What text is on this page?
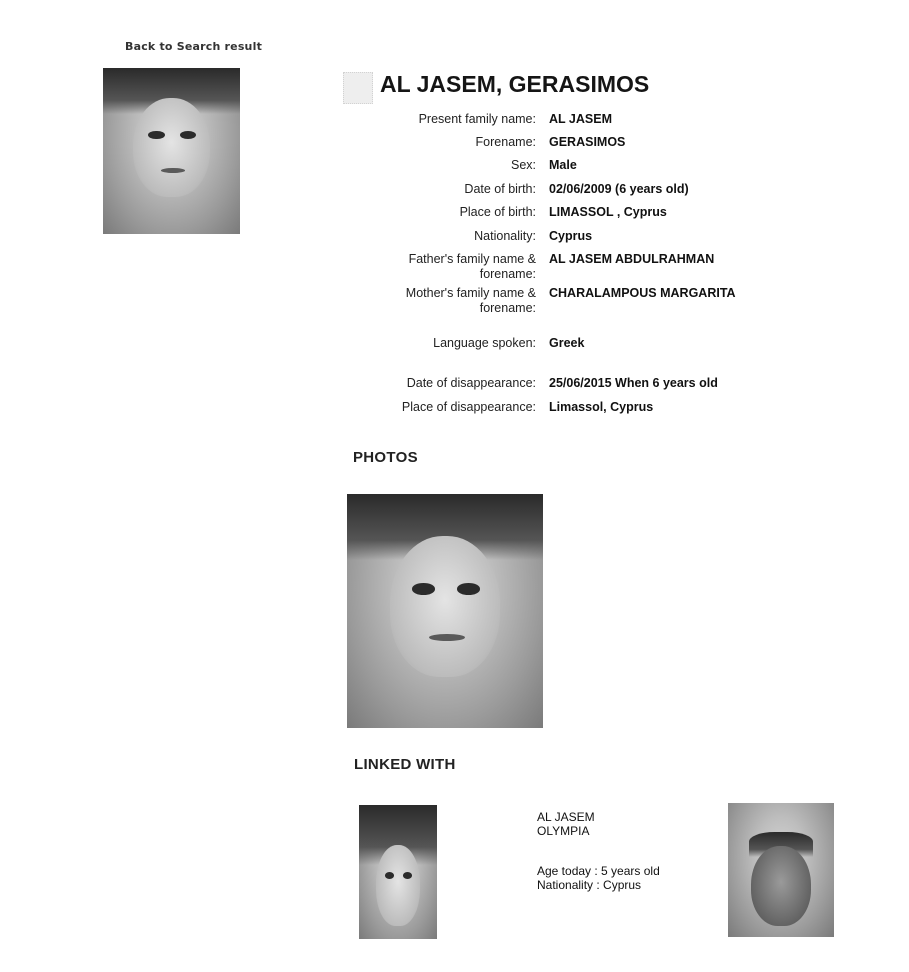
Back to Search result
AL JASEM, GERASIMOS
Present family name: AL JASEM
Forename: GERASIMOS
Sex: Male
Date of birth: 02/06/2009 (6 years old)
Place of birth: LIMASSOL , Cyprus
Nationality: Cyprus
Father's family name &
forename:
AL JASEM ABDULRAHMAN
Mother's family name &
forename:
CHARALAMPOUS MARGARITA
Language spoken: Greek
Date of disappearance: 25/06/2015 When 6 years old
Place of disappearance: Limassol, Cyprus
PHOTOS
LINKED WITH
AL JASEM
OLYMPIA
Age today : 5 years old
Nationality : Cyprus
